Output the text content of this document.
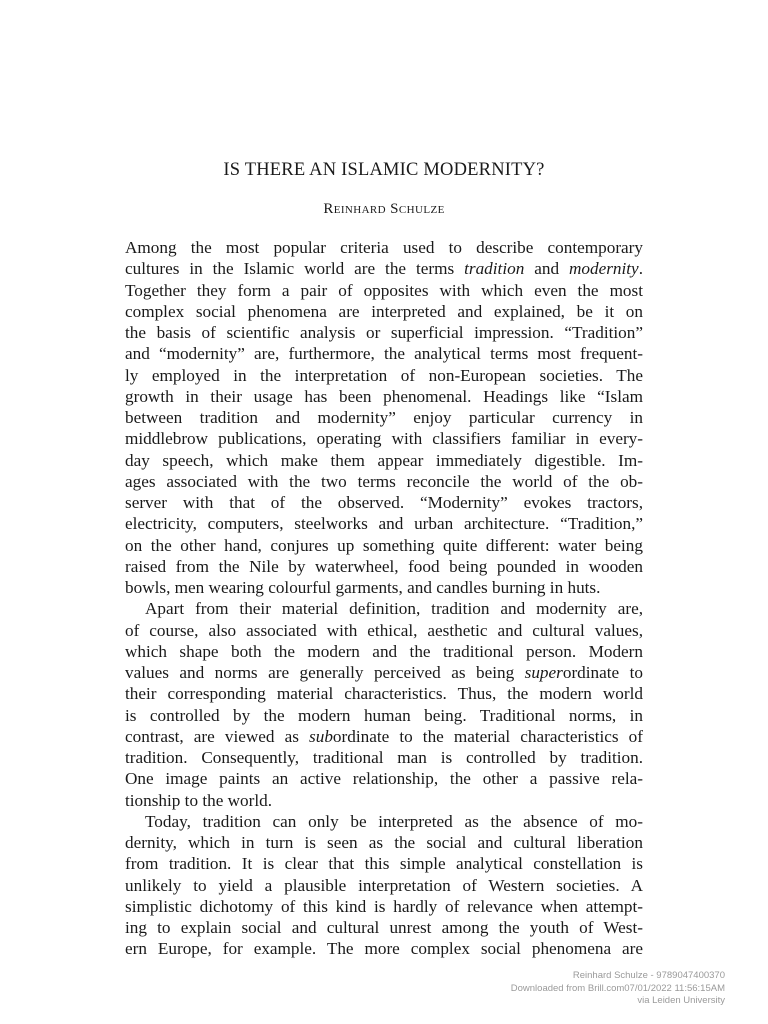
IS THERE AN ISLAMIC MODERNITY?
Reinhard Schulze
Among the most popular criteria used to describe contemporary
cultures in the Islamic world are the terms tradition and modernity.
Together they form a pair of opposites with which even the most
complex social phenomena are interpreted and explained, be it on
the basis of scientific analysis or superficial impression. “Tradition”
and “modernity” are, furthermore, the analytical terms most frequent-
ly employed in the interpretation of non-European societies. The
growth in their usage has been phenomenal. Headings like “Islam
between tradition and modernity” enjoy particular currency in
middlebrow publications, operating with classifiers familiar in every-
day speech, which make them appear immediately digestible. Im-
ages associated with the two terms reconcile the world of the ob-
server with that of the observed. “Modernity” evokes tractors,
electricity, computers, steelworks and urban architecture. “Tradition,”
on the other hand, conjures up something quite different: water being
raised from the Nile by waterwheel, food being pounded in wooden
bowls, men wearing colourful garments, and candles burning in huts.
Apart from their material definition, tradition and modernity are,
of course, also associated with ethical, aesthetic and cultural values,
which shape both the modern and the traditional person. Modern
values and norms are generally perceived as being superordinate to
their corresponding material characteristics. Thus, the modern world
is controlled by the modern human being. Traditional norms, in
contrast, are viewed as subordinate to the material characteristics of
tradition. Consequently, traditional man is controlled by tradition.
One image paints an active relationship, the other a passive rela-
tionship to the world.
Today, tradition can only be interpreted as the absence of mo-
dernity, which in turn is seen as the social and cultural liberation
from tradition. It is clear that this simple analytical constellation is
unlikely to yield a plausible interpretation of Western societies. A
simplistic dichotomy of this kind is hardly of relevance when attempt-
ing to explain social and cultural unrest among the youth of West-
ern Europe, for example. The more complex social phenomena are
Reinhard Schulze - 9789047400370
Downloaded from Brill.com07/01/2022 11:56:15AM
via Leiden University
